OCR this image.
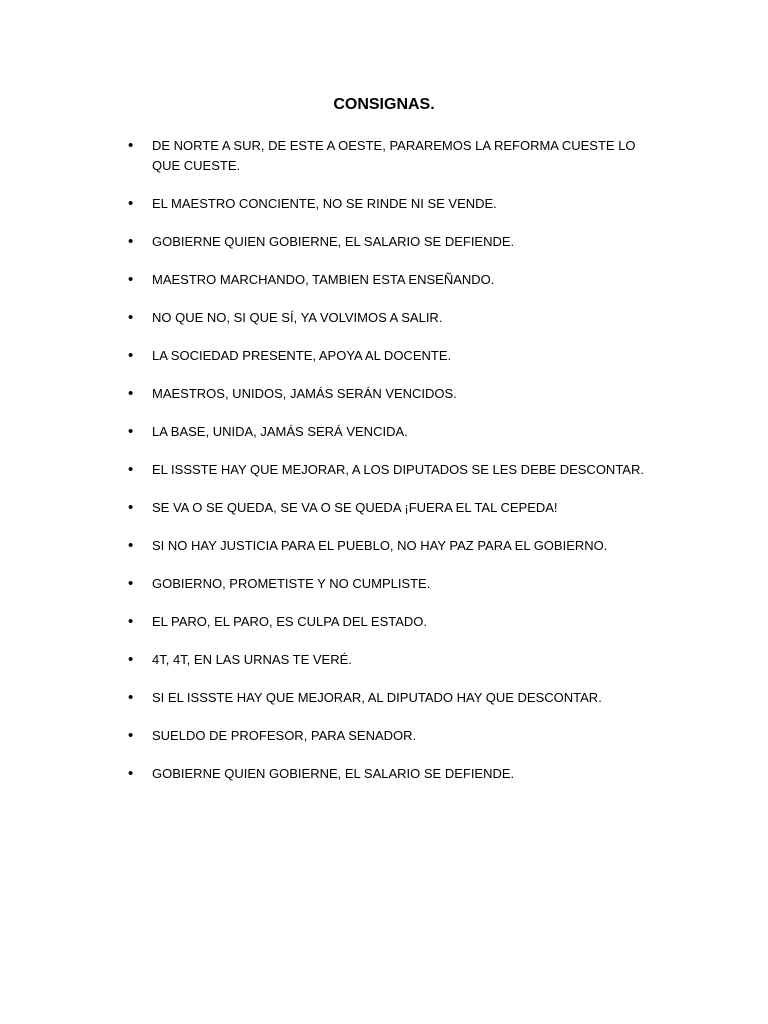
CONSIGNAS.
•	DE NORTE A SUR, DE ESTE A OESTE, PARAREMOS LA REFORMA CUESTE LO QUE CUESTE.
•	EL MAESTRO CONCIENTE, NO SE RINDE NI SE VENDE.
•	GOBIERNE QUIEN GOBIERNE, EL SALARIO SE DEFIENDE.
•	MAESTRO MARCHANDO, TAMBIEN ESTA ENSEÑANDO.
•	NO QUE NO, SI QUE SÍ, YA VOLVIMOS A SALIR.
•	LA SOCIEDAD PRESENTE, APOYA AL DOCENTE.
•	MAESTROS, UNIDOS, JAMÁS SERÁN VENCIDOS.
•	LA BASE, UNIDA, JAMÁS SERÁ VENCIDA.
•	EL ISSSTE HAY QUE MEJORAR, A LOS DIPUTADOS SE LES DEBE DESCONTAR.
•	SE VA O SE QUEDA, SE VA O SE QUEDA ¡FUERA EL TAL CEPEDA!
•	SI NO HAY JUSTICIA PARA EL PUEBLO, NO HAY PAZ PARA EL GOBIERNO.
•	GOBIERNO, PROMETISTE Y NO CUMPLISTE.
•	EL PARO, EL PARO, ES CULPA DEL ESTADO.
•	4T, 4T, EN LAS URNAS TE VERÉ.
•	SI EL ISSSTE HAY QUE MEJORAR, AL DIPUTADO HAY QUE DESCONTAR.
•	SUELDO DE PROFESOR, PARA SENADOR.
•	GOBIERNE QUIEN GOBIERNE, EL SALARIO SE DEFIENDE.
